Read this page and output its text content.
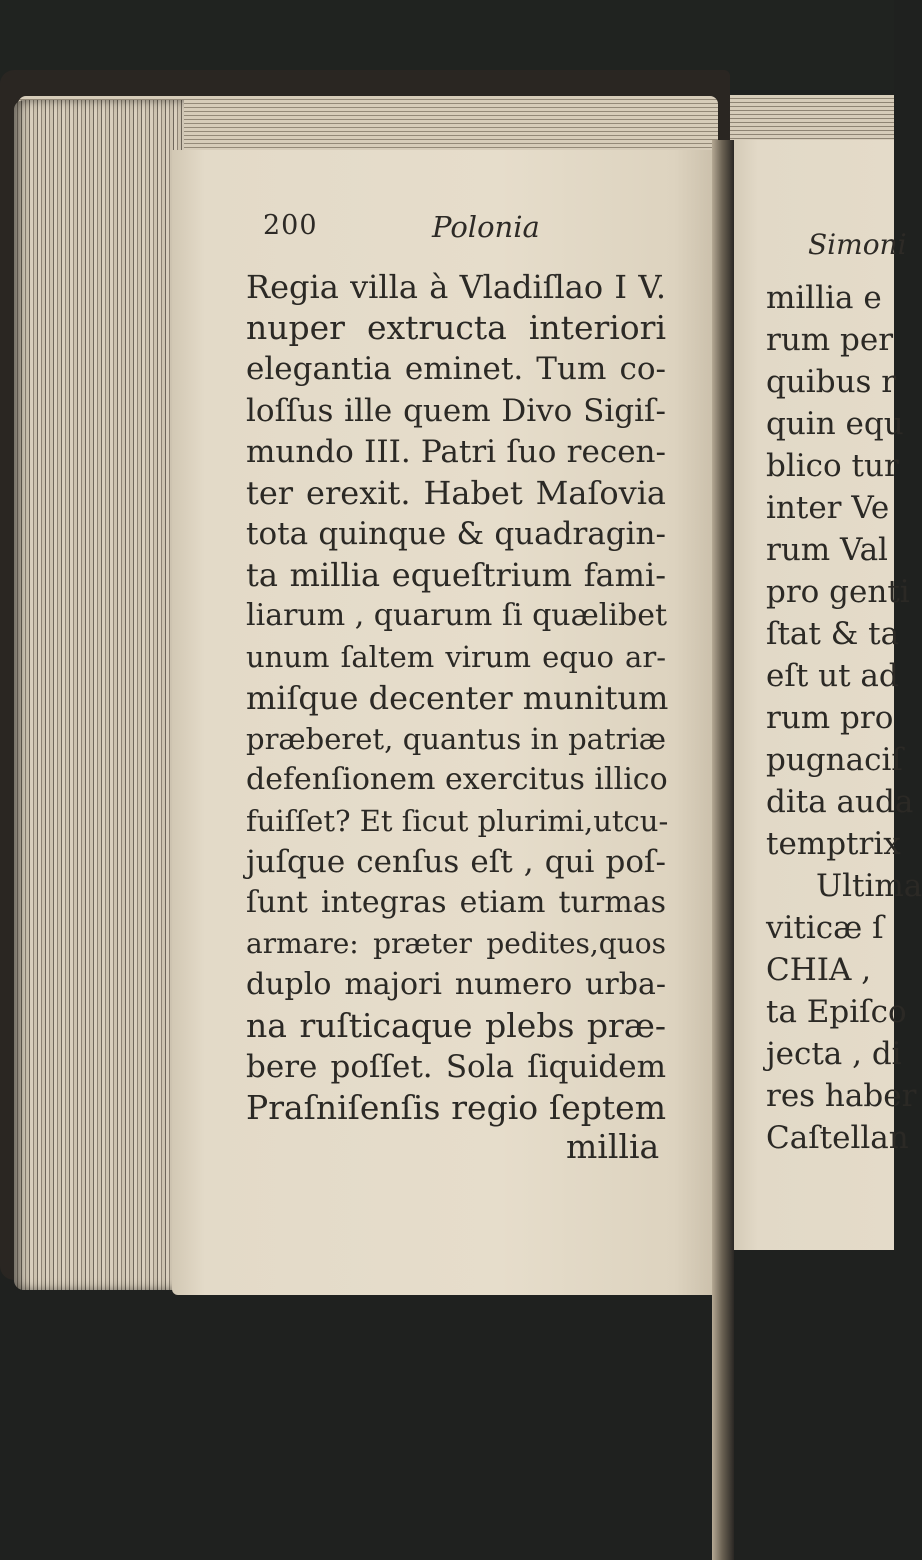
200	Polonia
Regia villa à Vladiſlao I V.
nuper extructa interiori
elegantia eminet. Tum co-
loſſus ille quem Divo Sigiſ-
mundo III. Patri ſuo recen-
ter erexit. Habet Maſovia
tota quinque & quadragin-
ta millia equeſtrium fami-
liarum , quarum ſi quælibet
unum ſaltem virum equo ar-
miſque decenter munitum
præberet, quantus in patriæ
defenſionem exercitus illico
fuiſſet? Et ſicut plurimi,utcu-
juſque cenſus eſt , qui poſ-
ſunt integras etiam turmas
armare: præter pedites,quos
duplo majori numero urba-
na ruſticaque plebs præ-
bere poſſet. Sola ſiquidem
Praſniſenſis regio ſeptem
millia
Simoni
millia e
rum per
quibus r
quin equ
blico tur
inter Ve
rum Val
pro genti
ſtat & ta
eſt ut ad
rum pro
pugnaciſ
dita auda
temptrix
Ultima
viticæ ſ
CHIA ,
ta Epiſco
jecta , di
res haber
Caſtellan
